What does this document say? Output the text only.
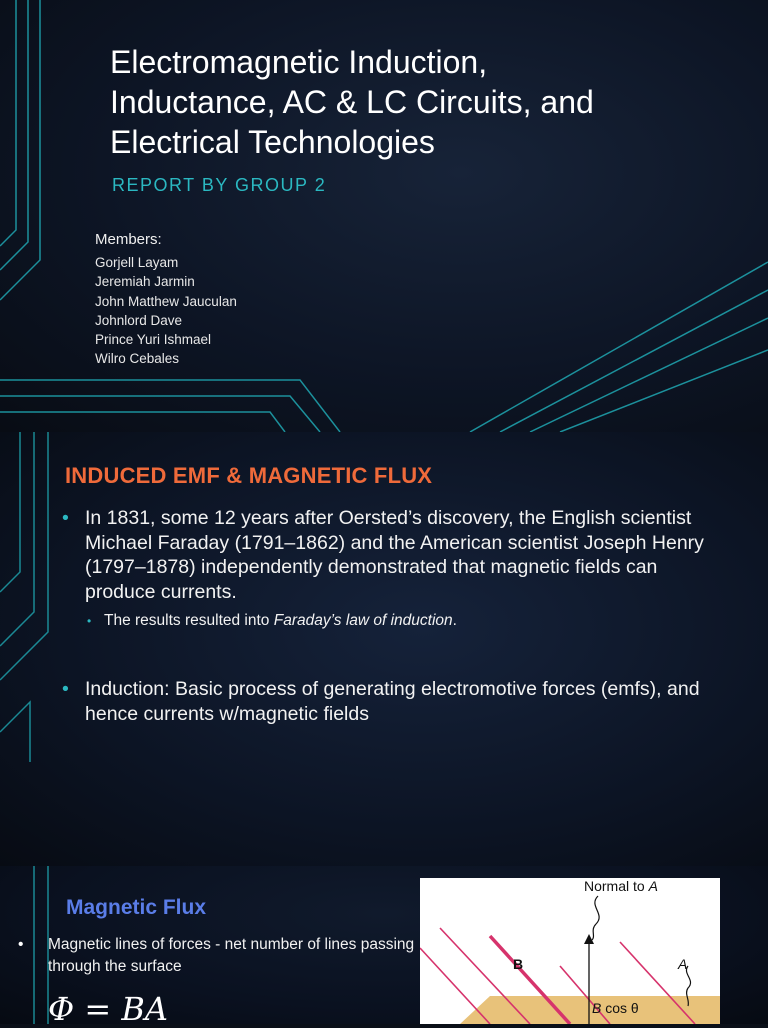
Electromagnetic Induction,
Inductance, AC & LC Circuits, and
Electrical Technologies
REPORT BY GROUP 2
Members:
Gorjell Layam
Jeremiah Jarmin
John Matthew Jauculan
Johnlord Dave
Prince Yuri Ishmael
Wilro Cebales
INDUCED EMF & MAGNETIC FLUX
• In 1831, some 12 years after Oersted’s discovery, the English scientist Michael Faraday (1791–1862) and the American scientist Joseph Henry (1797–1878) independently demonstrated that magnetic fields can produce currents.
• The results resulted into Faraday’s law of induction.
• Induction: Basic process of generating electromotive forces (emfs), and hence currents w/magnetic fields
Magnetic Flux
• Magnetic lines of forces - net number of lines passing through the surface
Φ = BA
Normal to A
B	A
B cos θ
